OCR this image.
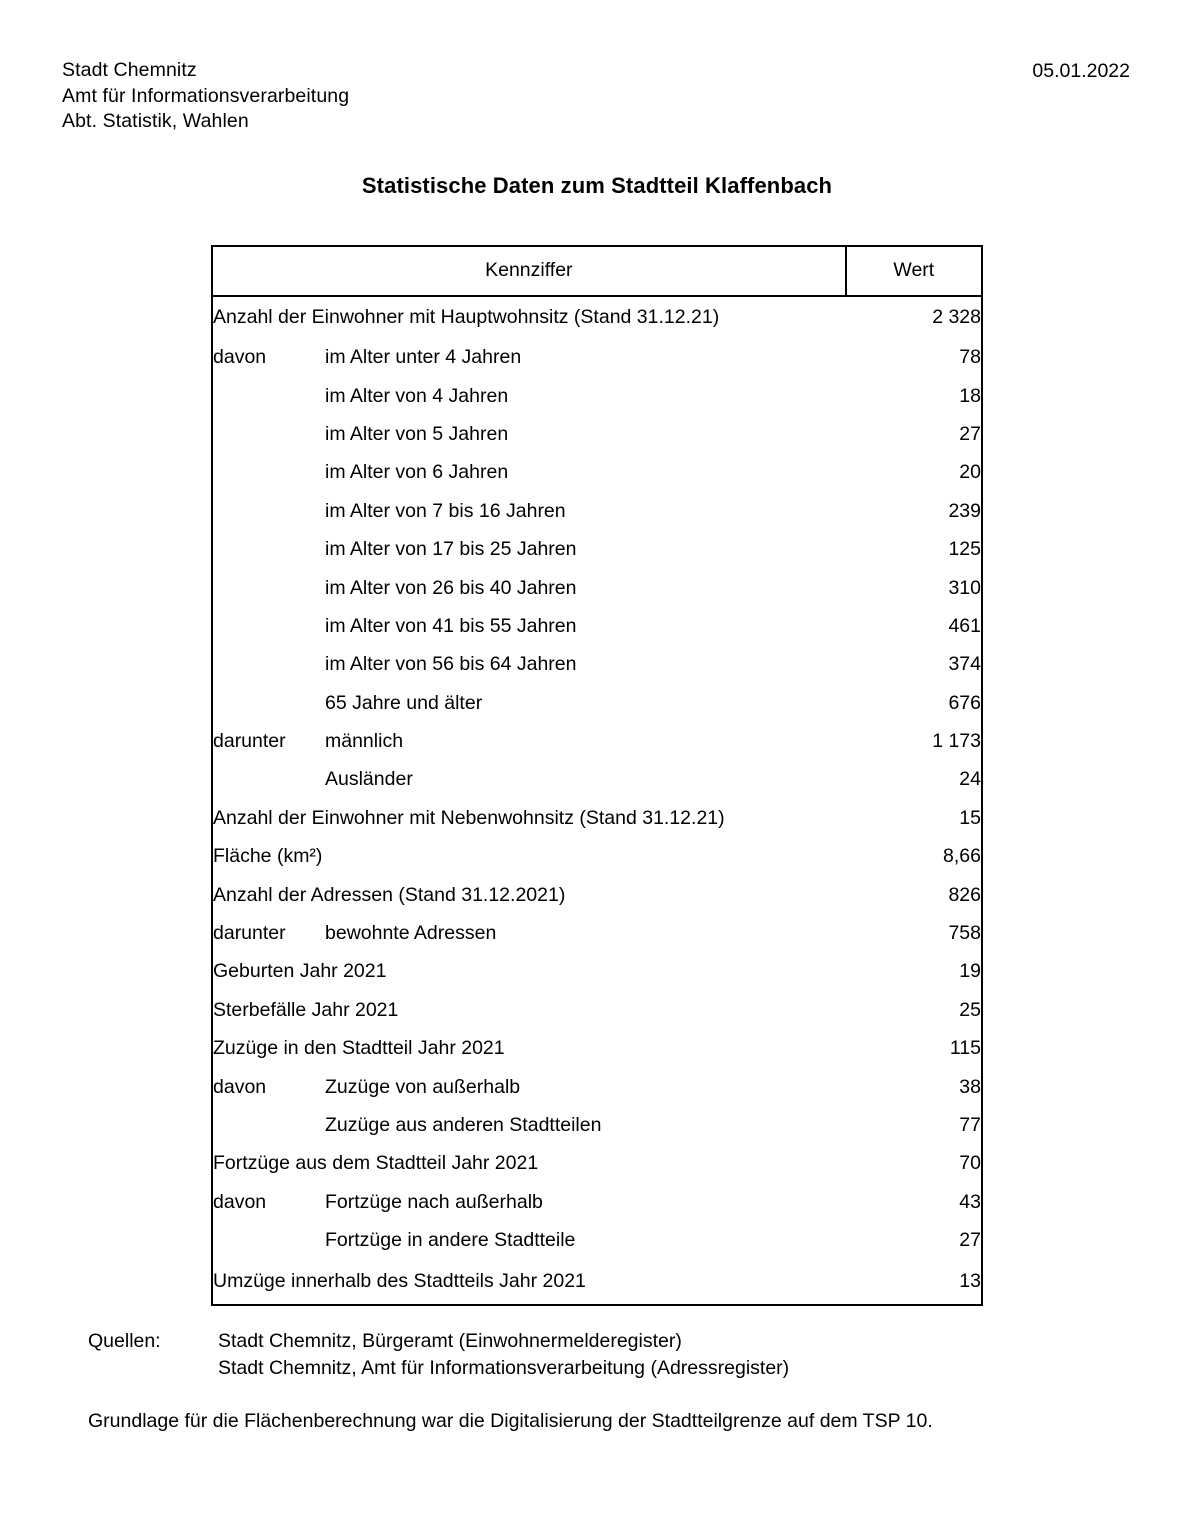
Stadt Chemnitz
Amt für Informationsverarbeitung
Abt. Statistik, Wahlen
05.01.2022
Statistische Daten zum Stadtteil Klaffenbach
Kennziffer	Wert
Anzahl der Einwohner mit Hauptwohnsitz (Stand 31.12.21)	2 328
davon im Alter unter 4 Jahren	78
im Alter von 4 Jahren	18
im Alter von 5 Jahren	27
im Alter von 6 Jahren	20
im Alter von 7 bis 16 Jahren	239
im Alter von 17 bis 25 Jahren	125
im Alter von 26 bis 40 Jahren	310
im Alter von 41 bis 55 Jahren	461
im Alter von 56 bis 64 Jahren	374
65 Jahre und älter	676
darunter männlich	1 173
Ausländer	24
Anzahl der Einwohner mit Nebenwohnsitz (Stand 31.12.21)	15
Fläche (km²)	8,66
Anzahl der Adressen (Stand 31.12.2021)	826
darunter bewohnte Adressen	758
Geburten Jahr 2021	19
Sterbefälle Jahr 2021	25
Zuzüge in den Stadtteil Jahr 2021	115
davon Zuzüge von außerhalb	38
Zuzüge aus anderen Stadtteilen	77
Fortzüge aus dem Stadtteil Jahr 2021	70
davon Fortzüge nach außerhalb	43
Fortzüge in andere Stadtteile	27
Umzüge innerhalb des Stadtteils Jahr 2021	13
Quellen:	Stadt Chemnitz, Bürgeramt (Einwohnermelderegister)
Stadt Chemnitz, Amt für Informationsverarbeitung (Adressregister)
Grundlage für die Flächenberechnung war die Digitalisierung der Stadtteilgrenze auf dem TSP 10.
